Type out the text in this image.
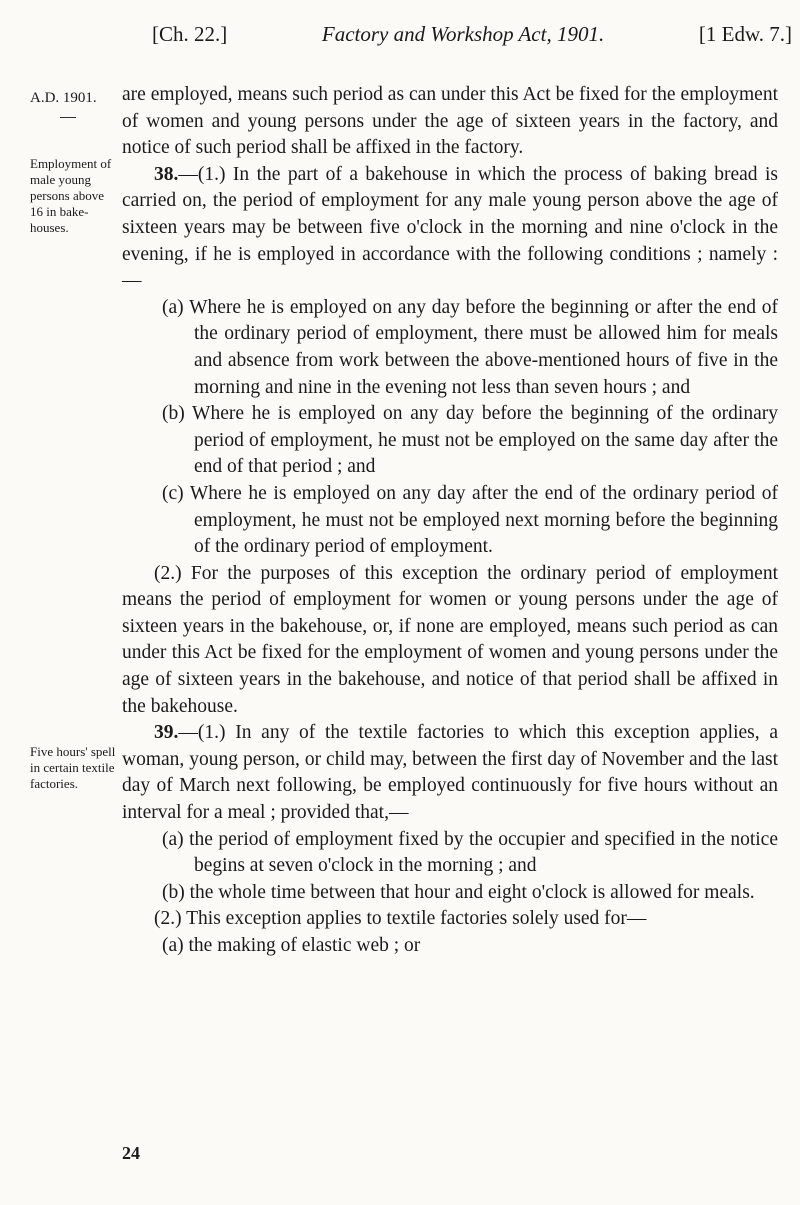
[Ch. 22.]	Factory and Workshop Act, 1901.	[1 Edw. 7.]
A.D. 1901.
Employment of male young persons above 16 in bake-houses.
Five hours' spell in certain textile factories.

are employed, means such period as can under this Act be fixed for the employment of women and young persons under the age of sixteen years in the factory, and notice of such period shall be affixed in the factory.

38.—(1.) In the part of a bakehouse in which the process of baking bread is carried on, the period of employment for any male young person above the age of sixteen years may be between five o'clock in the morning and nine o'clock in the evening, if he is employed in accordance with the following conditions ; namely :—

(a) Where he is employed on any day before the beginning or after the end of the ordinary period of employment, there must be allowed him for meals and absence from work between the above-mentioned hours of five in the morning and nine in the evening not less than seven hours ; and

(b) Where he is employed on any day before the beginning of the ordinary period of employment, he must not be employed on the same day after the end of that period ; and

(c) Where he is employed on any day after the end of the ordinary period of employment, he must not be employed next morning before the beginning of the ordinary period of employment.

(2.) For the purposes of this exception the ordinary period of employment means the period of employment for women or young persons under the age of sixteen years in the bakehouse, or, if none are employed, means such period as can under this Act be fixed for the employment of women and young persons under the age of sixteen years in the bakehouse, and notice of that period shall be affixed in the bakehouse.

39.—(1.) In any of the textile factories to which this exception applies, a woman, young person, or child may, between the first day of November and the last day of March next following, be employed continuously for five hours without an interval for a meal ; provided that,—

(a) the period of employment fixed by the occupier and specified in the notice begins at seven o'clock in the morning ; and

(b) the whole time between that hour and eight o'clock is allowed for meals.

(2.) This exception applies to textile factories solely used for—

(a) the making of elastic web ; or

24
